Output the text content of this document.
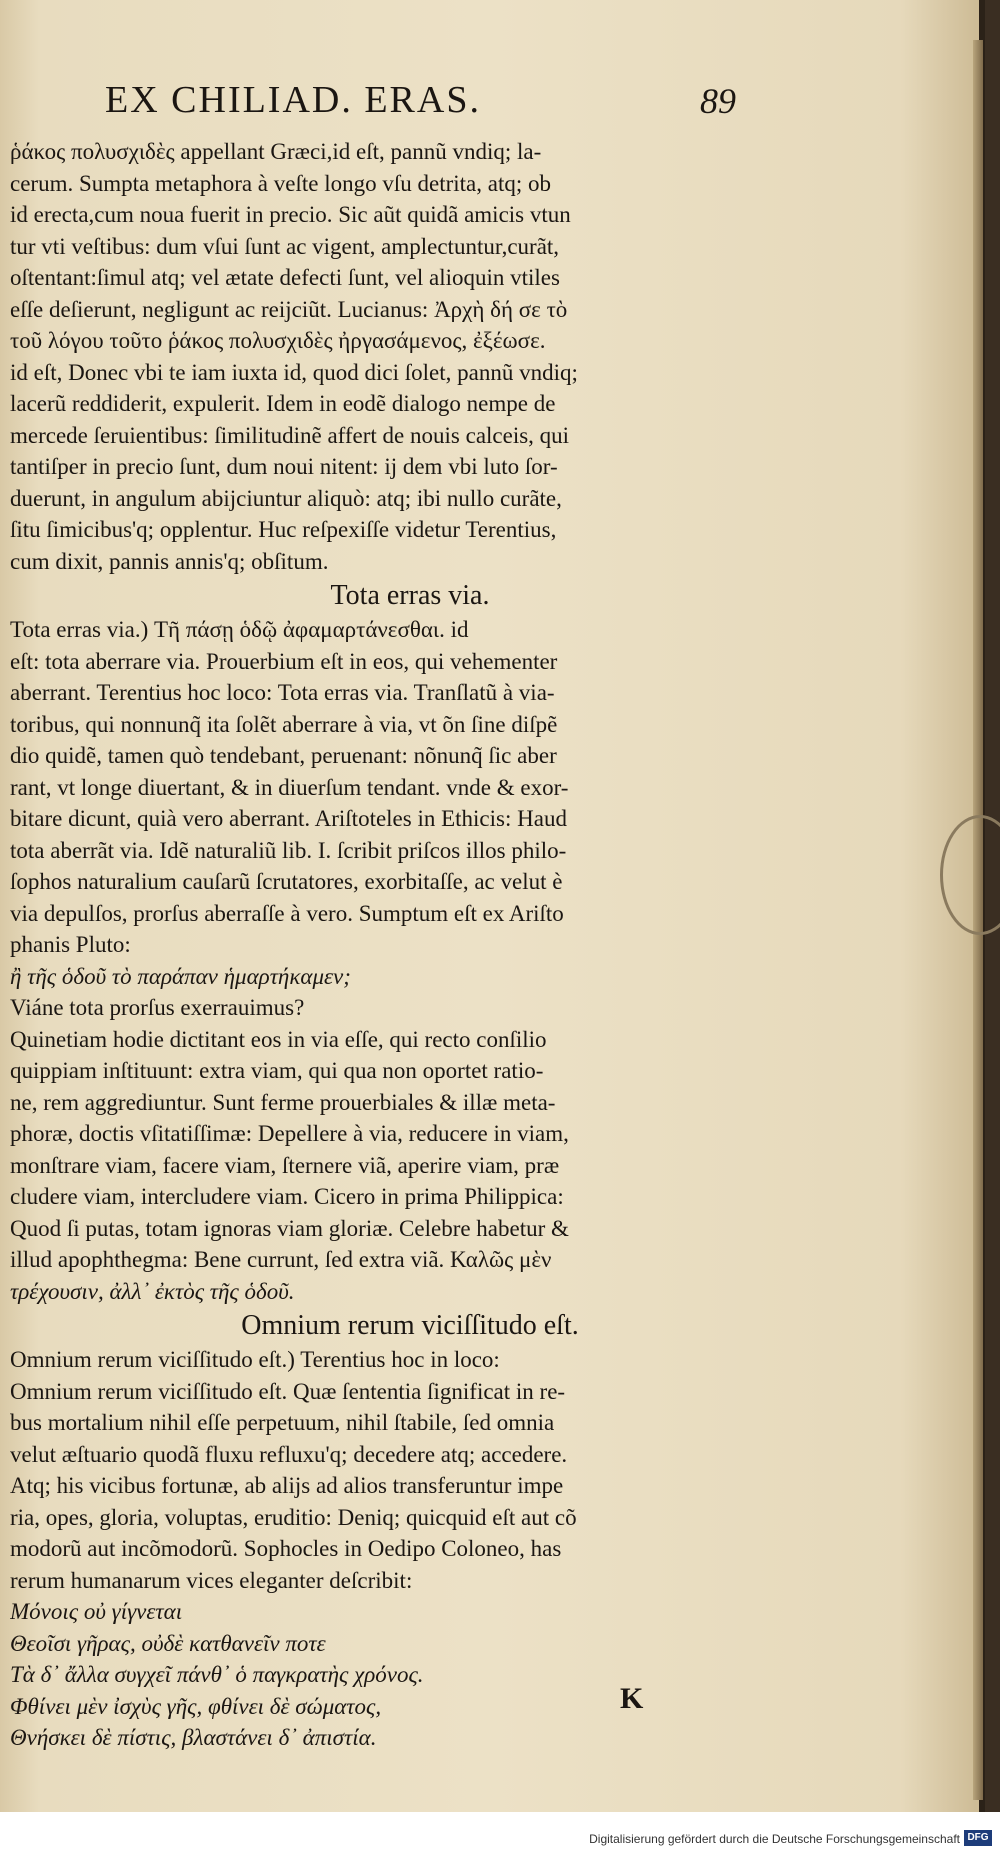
EX CHILIAD. ERAS.	89
ῥάκος πολυσχιδὲς appellant Græci,id eſt, pannũ vndiq; la-
cerum. Sumpta metaphora à veſte longo vſu detrita, atq; ob
id erecta,cum noua fuerit in precio. Sic aũt quidã amicis vtun
tur vti veſtibus: dum vſui ſunt ac vigent, amplectuntur,curãt,
oſtentant:ſimul atq; vel ætate defecti ſunt, vel alioquin vtiles
eſſe deſierunt, negligunt ac reijciũt. Lucianus: Ἀρχὴ δή σε τὸ
τοῦ λόγου τοῦτο ῥάκος πολυσχιδὲς ἠργασάμενος, ἐξέωσε.
id eſt, Donec vbi te iam iuxta id, quod dici ſolet, pannũ vndiq;
lacerũ reddiderit, expulerit. Idem in eodẽ dialogo nempe de
mercede ſeruientibus: ſimilitudinẽ affert de nouis calceis, qui
tantiſper in precio ſunt, dum noui nitent: ij dem vbi luto ſor-
duerunt, in angulum abijciuntur aliquò: atq; ibi nullo curãte,
ſitu ſimicibus'q; opplentur. Huc reſpexiſſe videtur Terentius,
cum dixit, pannis annis'q; obſitum.
Tota erras via.
Tota erras via.) Τῆ πάσῃ ὁδῷ ἀφαμαρτάνεσθαι. id
eſt: tota aberrare via. Prouerbium eſt in eos, qui vehementer
aberrant. Terentius hoc loco: Tota erras via. Tranſlatũ à via-
toribus, qui nonnunq̃ ita ſolẽt aberrare à via, vt õn ſine diſpẽ
dio quidẽ, tamen quò tendebant, peruenant: nõnunq̃ ſic aber
rant, vt longe diuertant, & in diuerſum tendant. vnde & exor-
bitare dicunt, quià vero aberrant. Ariſtoteles in Ethicis: Haud
tota aberrãt via. Idẽ naturaliũ lib. I. ſcribit priſcos illos philo-
ſophos naturalium cauſarũ ſcrutatores, exorbitaſſe, ac velut è
via depulſos, prorſus aberraſſe à vero. Sumptum eſt ex Ariſto
phanis Pluto:
ἢ τῆς ὁδοῦ τὸ παράπαν ἡμαρτήκαμεν;
Viáne tota prorſus exerrauimus?
Quinetiam hodie dictitant eos in via eſſe, qui recto conſilio
quippiam inſtituunt: extra viam, qui qua non oportet ratio-
ne, rem aggrediuntur. Sunt ferme prouerbiales & illæ meta-
phoræ, doctis vſitatiſſimæ: Depellere à via, reducere in viam,
monſtrare viam, facere viam, ſternere viã, aperire viam, præ
cludere viam, intercludere viam. Cicero in prima Philippica:
Quod ſi putas, totam ignoras viam gloriæ. Celebre habetur &
illud apophthegma: Bene currunt, ſed extra viã. Καλῶς μὲν
τρέχουσιν, ἀλλ᾽ ἐκτὸς τῆς ὁδοῦ.
Omnium rerum viciſſitudo eſt.
Omnium rerum viciſſitudo eſt.) Terentius hoc in loco:
Omnium rerum viciſſitudo eſt. Quæ ſententia ſignificat in re-
bus mortalium nihil eſſe perpetuum, nihil ſtabile, ſed omnia
velut æſtuario quodã fluxu refluxu'q; decedere atq; accedere.
Atq; his vicibus fortunæ, ab alijs ad alios transferuntur impe
ria, opes, gloria, voluptas, eruditio: Deniq; quicquid eſt aut cõ
modorũ aut incõmodorũ. Sophocles in Oedipo Coloneo, has
rerum humanarum vices eleganter deſcribit:
Μόνοις οὐ γίγνεται
Θεοῖσι γῆρας, οὐδὲ κατθανεῖν ποτε
Τὰ δ᾽ ἄλλα συγχεῖ πάνθ᾽ ὁ παγκρατὴς χρόνος.
Φθίνει μὲν ἰσχὺς γῆς, φθίνει δὲ σώματος,
Θνήσκει δὲ πίστις, βλαστάνει δ᾽ ἀπιστία.
K
Digitalisierung gefördert durch die Deutsche Forschungsgemeinschaft DFG
